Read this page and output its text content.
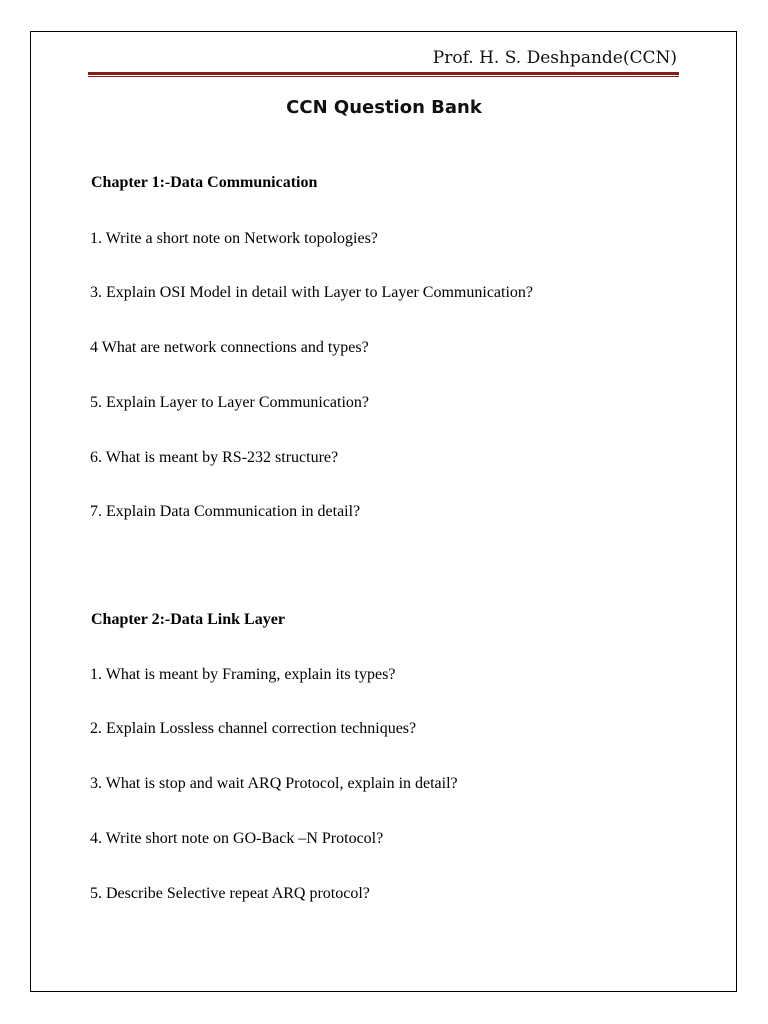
Prof. H. S. Deshpande(CCN)
CCN Question Bank
Chapter 1:-Data Communication
1. Write a short note on Network topologies?
3. Explain OSI Model in detail with Layer to Layer Communication?
4 What are network connections and types?
5. Explain Layer to Layer Communication?
6. What is meant by RS-232 structure?
7. Explain Data Communication in detail?
Chapter 2:-Data Link Layer
1. What is meant by Framing, explain its types?
2. Explain Lossless channel correction techniques?
3. What is stop and wait ARQ Protocol, explain in detail?
4. Write short note on GO-Back –N Protocol?
5. Describe Selective repeat ARQ protocol?
